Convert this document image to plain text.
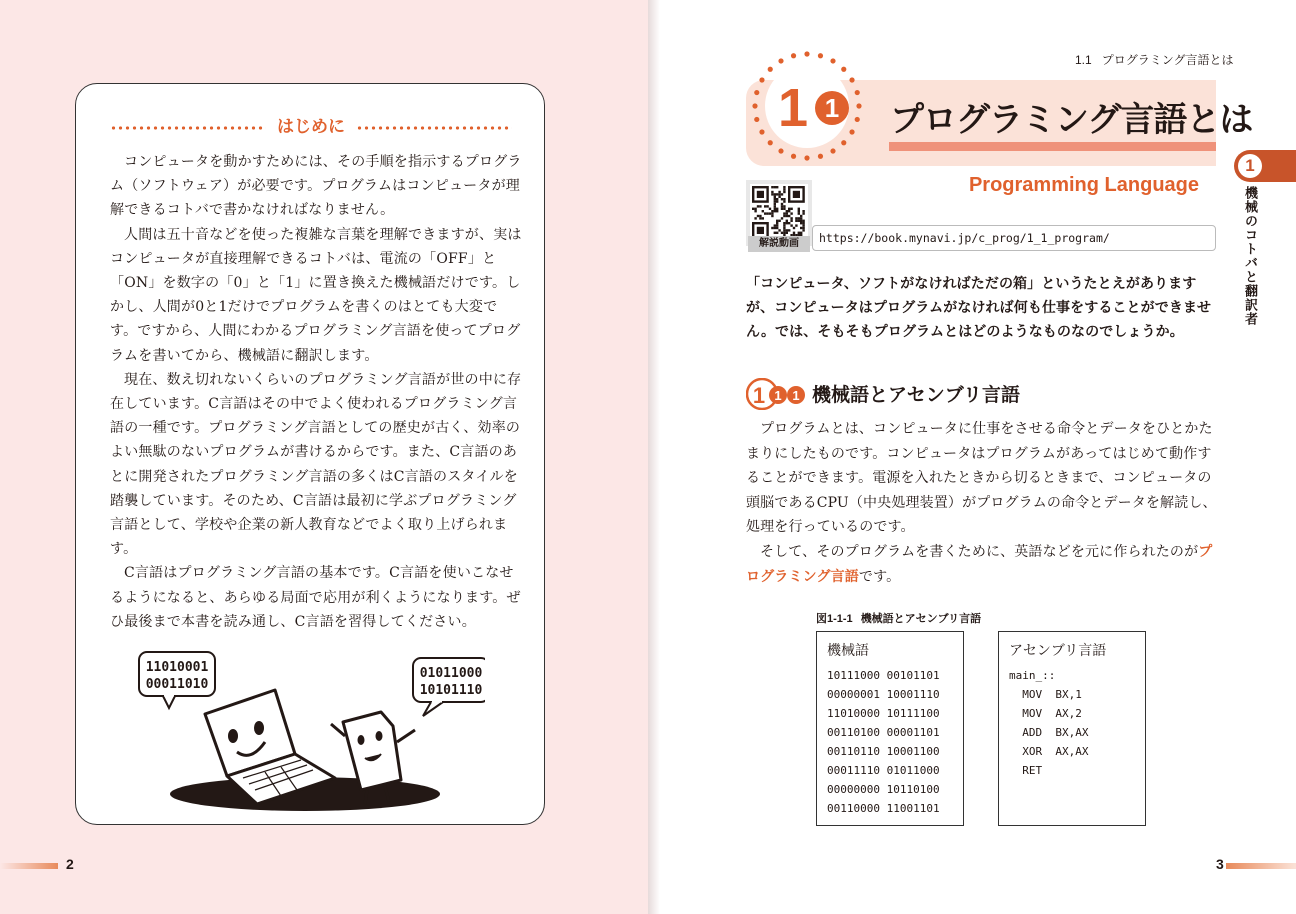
はじめに

コンピュータを動かすためには、その手順を指示するプログラム（ソフトウェア）が必要です。プログラムはコンピュータが理解できるコトバで書かなければなりません。

人間は五十音などを使った複雑な言葉を理解できますが、実はコンピュータが直接理解できるコトバは、電流の「OFF」と「ON」を数字の「0」と「1」に置き換えた機械語だけです。しかし、人間が0と1だけでプログラムを書くのはとても大変です。ですから、人間にわかるプログラミング言語を使ってプログラムを書いてから、機械語に翻訳します。

現在、数え切れないくらいのプログラミング言語が世の中に存在しています。C言語はその中でよく使われるプログラミング言語の一種です。プログラミング言語としての歴史が古く、効率のよい無駄のないプログラムが書けるからです。また、C言語のあとに開発されたプログラミング言語の多くはC言語のスタイルを踏襲しています。そのため、C言語は最初に学ぶプログラミング言語として、学校や企業の新人教育などでよく取り上げられます。

C言語はプログラミング言語の基本です。C言語を使いこなせるようになると、あらゆる局面で応用が利くようになります。ぜひ最後まで本書を読み通し、C言語を習得してください。

11010001
00011010
01011000
10101110
2
1.1 プログラミング言語とは
1 1 プログラミング言語とは
Programming Language
解説動画	https://book.mynavi.jp/c_prog/1_1_program/
「コンピュータ、ソフトがなければただの箱」というたとえがありますが、コンピュータはプログラムがなければ何も仕事をすることができません。では、そもそもプログラムとはどのようなものなのでしょうか。
1 1 1 機械語とアセンブリ言語

プログラムとは、コンピュータに仕事をさせる命令とデータをひとかたまりにしたものです。コンピュータはプログラムがあってはじめて動作することができます。電源を入れたときから切るときまで、コンピュータの頭脳であるCPU（中央処理装置）がプログラムの命令とデータを解読し、処理を行っているのです。

そして、そのプログラムを書くために、英語などを元に作られたのがプログラミング言語です。

図1-1-1 機械語とアセンブリ言語
機械語
10111000 00101101
00000001 10001110
11010000 10111100
00110100 00001101
00110110 10001100
00011110 01011000
00000000 10110100
00110000 11001101
アセンブリ言語
main_::
MOV  BX,1
MOV  AX,2
ADD  BX,AX
XOR  AX,AX
RET
1
機械のコトバと翻訳者
3
